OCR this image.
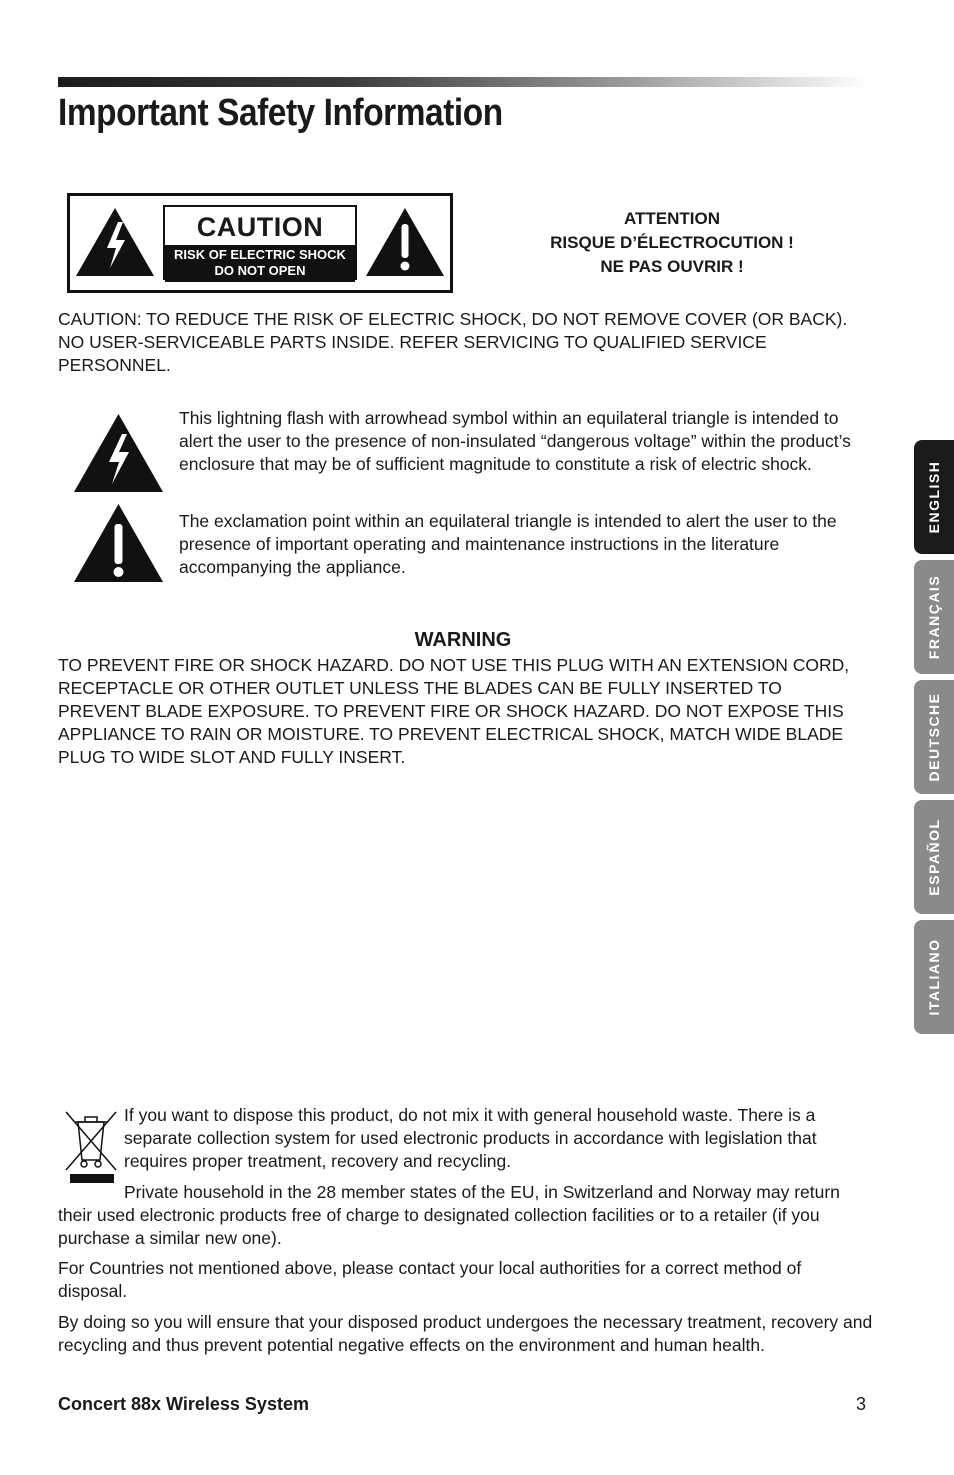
Important Safety Information
CAUTION
RISK OF ELECTRIC SHOCK
DO NOT OPEN
ATTENTION
RISQUE D’ÉLECTROCUTION !
NE PAS OUVRIR !

CAUTION: TO REDUCE THE RISK OF ELECTRIC SHOCK, DO NOT REMOVE COVER (OR BACK). NO USER-SERVICEABLE PARTS INSIDE. REFER SERVICING TO QUALIFIED SERVICE PERSONNEL.

This lightning flash with arrowhead symbol within an equilateral triangle is intended to alert the user to the presence of non-insulated “dangerous voltage” within the product’s enclosure that may be of sufficient magnitude to constitute a risk of electric shock.

The exclamation point within an equilateral triangle is intended to alert the user to the presence of important operating and maintenance instructions in the literature accompanying the appliance.

WARNING

TO PREVENT FIRE OR SHOCK HAZARD. DO NOT USE THIS PLUG WITH AN EXTENSION CORD, RECEPTACLE OR OTHER OUTLET UNLESS THE BLADES CAN BE FULLY INSERTED TO PREVENT BLADE EXPOSURE. TO PREVENT FIRE OR SHOCK HAZARD. DO NOT EXPOSE THIS APPLIANCE TO RAIN OR MOISTURE. TO PREVENT ELECTRICAL SHOCK, MATCH WIDE BLADE PLUG TO WIDE SLOT AND FULLY INSERT.

If you want to dispose this product, do not mix it with general household waste. There is a separate collection system for used electronic products in accordance with legislation that requires proper treatment, recovery and recycling.

Private household in the 28 member states of the EU, in Switzerland and Norway may return their used electronic products free of charge to designated collection facilities or to a retailer (if you purchase a similar new one).

For Countries not mentioned above, please contact your local authorities for a correct method of disposal.

By doing so you will ensure that your disposed product undergoes the necessary treatment, recovery and recycling and thus prevent potential negative effects on the environment and human health.

Concert 88x Wireless System	3
ENGLISH
FRANÇAIS
DEUTSCHE
ESPAÑOL
ITALIANO
